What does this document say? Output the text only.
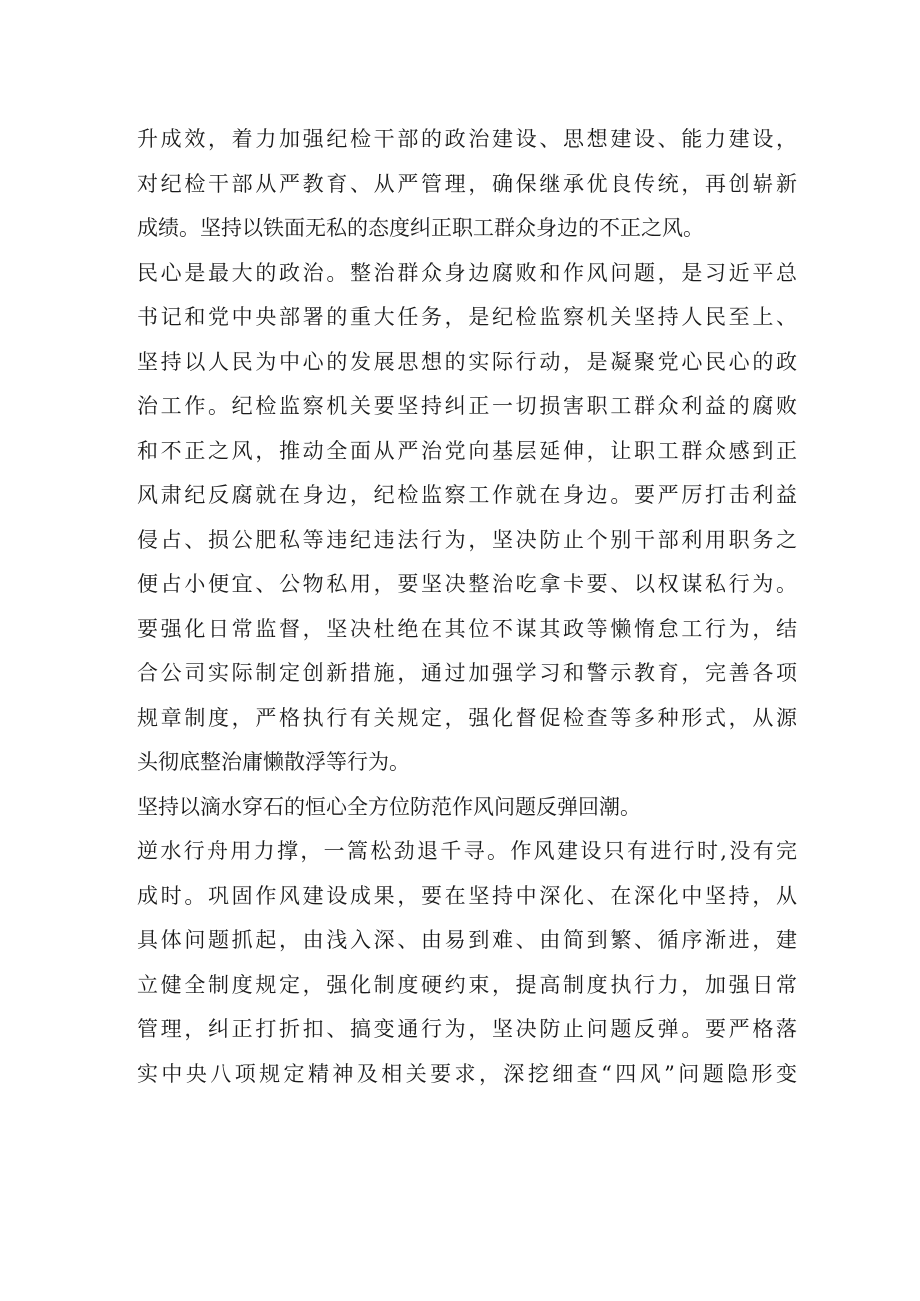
升成效，着力加强纪检干部的政治建设、思想建设、能力建设，
对纪检干部从严教育、从严管理，确保继承优良传统，再创崭新
成绩。坚持以铁面无私的态度纠正职工群众身边的不正之风。
民心是最大的政治。整治群众身边腐败和作风问题，是习近平总
书记和党中央部署的重大任务，是纪检监察机关坚持人民至上、
坚持以人民为中心的发展思想的实际行动，是凝聚党心民心的政
治工作。纪检监察机关要坚持纠正一切损害职工群众利益的腐败
和不正之风，推动全面从严治党向基层延伸，让职工群众感到正
风肃纪反腐就在身边，纪检监察工作就在身边。要严厉打击利益
侵占、损公肥私等违纪违法行为，坚决防止个别干部利用职务之
便占小便宜、公物私用，要坚决整治吃拿卡要、以权谋私行为。
要强化日常监督，坚决杜绝在其位不谋其政等懒惰怠工行为，结
合公司实际制定创新措施，通过加强学习和警示教育，完善各项
规章制度，严格执行有关规定，强化督促检查等多种形式，从源
头彻底整治庸懒散浮等行为。
坚持以滴水穿石的恒心全方位防范作风问题反弹回潮。
逆水行舟用力撑，一篙松劲退千寻。作风建设只有进行时,没有完
成时。巩固作风建设成果，要在坚持中深化、在深化中坚持，从
具体问题抓起，由浅入深、由易到难、由简到繁、循序渐进，建
立健全制度规定，强化制度硬约束，提高制度执行力，加强日常
管理，纠正打折扣、搞变通行为，坚决防止问题反弹。要严格落
实中央八项规定精神及相关要求，深挖细查“四风”问题隐形变
